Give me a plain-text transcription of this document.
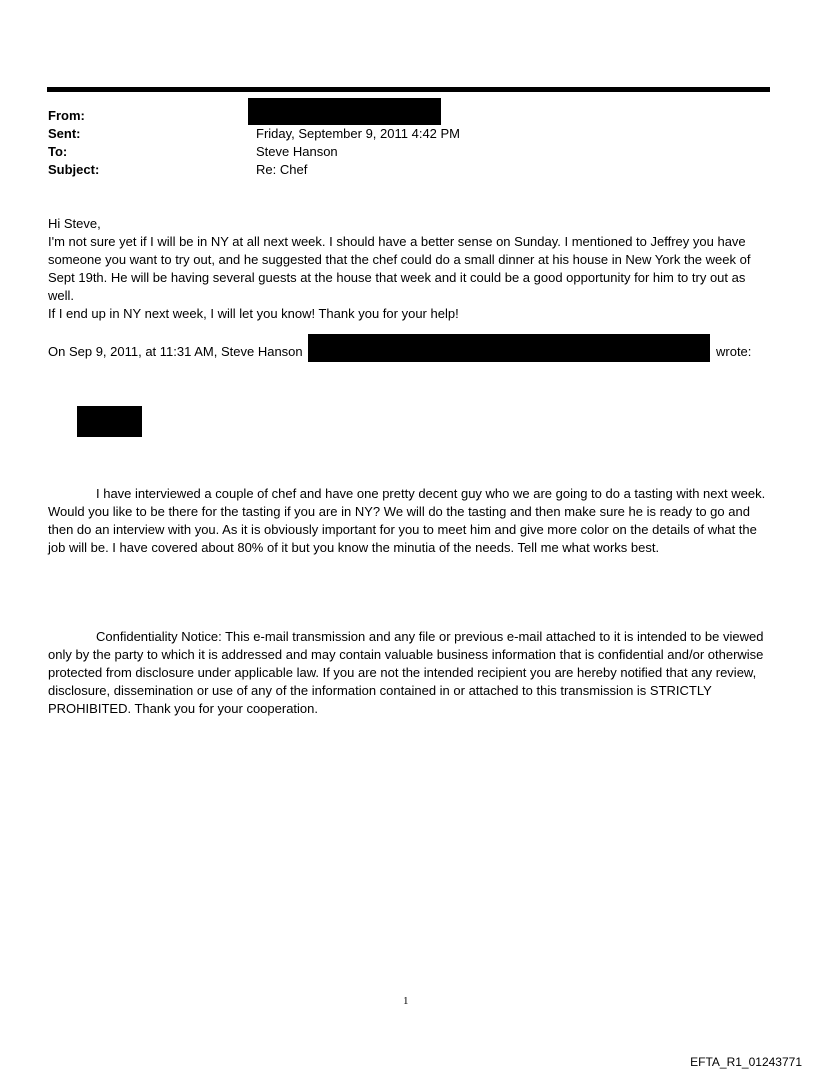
From:
Sent:	Friday, September 9, 2011 4:42 PM
To:	Steve Hanson
Subject:	Re: Chef

Hi Steve,

I'm not sure yet if I will be in NY at all next week. I should have a better sense on Sunday. I mentioned to Jeffrey you have someone you want to try out, and he suggested that the chef could do a small dinner at his house in New York the week of Sept 19th. He will be having several guests at the house that week and it could be a good opportunity for him to try out as well.

If I end up in NY next week, I will let you know! Thank you for your help!

On Sep 9, 2011, at 11:31 AM, Steve Hanson	wrote:

I have interviewed a couple of chef and have one pretty decent guy who we are going to do a tasting with next week. Would you like to be there for the tasting if you are in NY? We will do the tasting and then make sure he is ready to go and then do an interview with you. As it is obviously important for you to meet him and give more color on the details of what the job will be. I have covered about 80% of it but you know the minutia of the needs. Tell me what works best.

Confidentiality Notice: This e-mail transmission and any file or previous e-mail attached to it is intended to be viewed only by the party to which it is addressed and may contain valuable business information that is confidential and/or otherwise protected from disclosure under applicable law. If you are not the intended recipient you are hereby notified that any review, disclosure, dissemination or use of any of the information contained in or attached to this transmission is STRICTLY PROHIBITED. Thank you for your cooperation.

1
EFTA_R1_01243771
